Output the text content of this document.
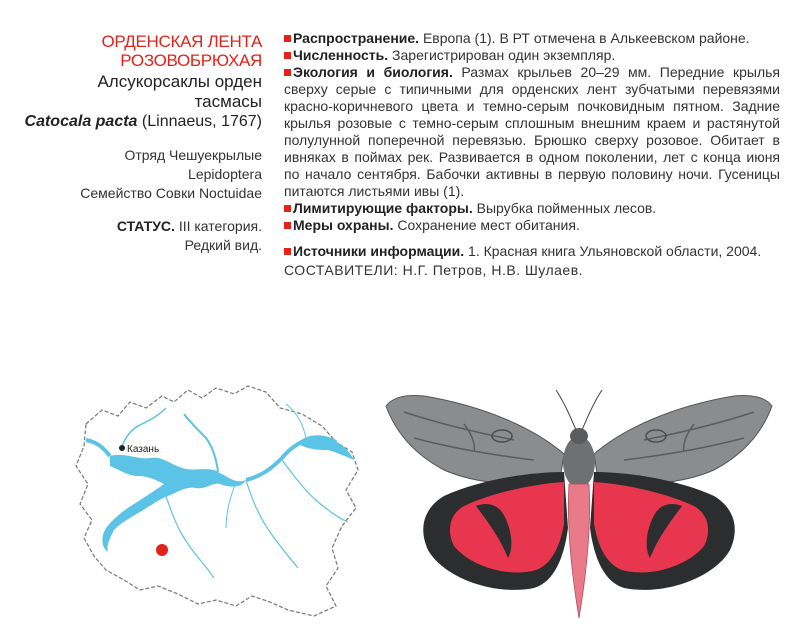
ОРДЕНСКАЯ ЛЕНТА
РОЗОВОБРЮХАЯ
Алсукорсаклы орден
тасмасы
Catocala pacta (Linnaeus, 1767)
Отряд Чешуекрылые
Lepidoptera
Семейство Совки Noctuidae
СТАТУС. III категория.
Редкий вид.

Распространение. Европа (1). В РТ отмечена в Алькеевском районе.

Численность. Зарегистрирован один экземпляр.

Экология и биология. Размах крыльев 20–29 мм. Передние крылья сверху серые с типичными для орденских лент зубчатыми перевязями красно-коричневого цвета и темно-серым почковидным пятном. Задние крылья розовые с темно-серым сплошным внешним краем и растянутой полулунной поперечной перевязью. Брюшко сверху розовое. Обитает в ивняках в поймах рек. Развивается в одном поколении, лет с конца июня по начало сентября. Бабочки активны в первую половину ночи. Гусеницы питаются листьями ивы (1).

Лимитирующие факторы. Вырубка пойменных лесов.

Меры охраны. Сохранение мест обитания.

Источники информации. 1. Красная книга Ульяновской области, 2004.

СОСТАВИТЕЛИ: Н.Г. Петров, Н.В. Шулаев.

Казань
